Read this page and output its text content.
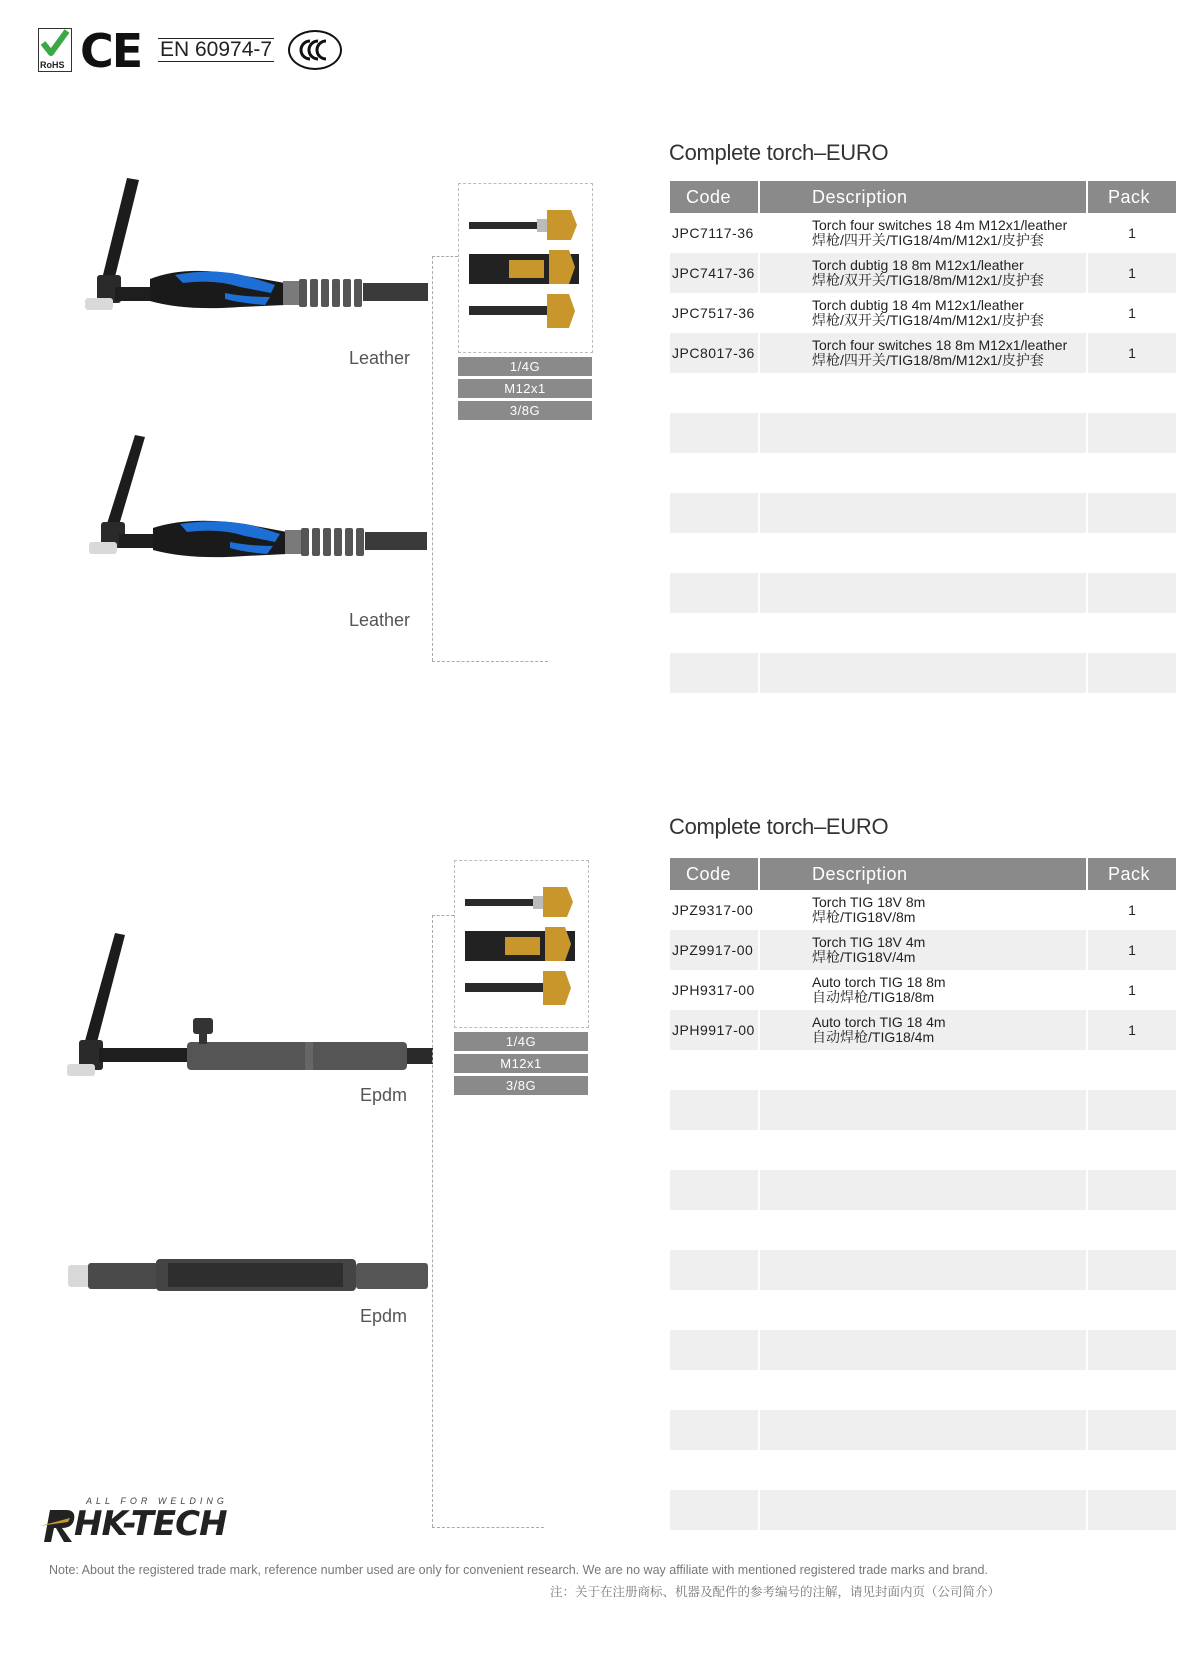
RoHS CE EN 60974-7
Complete torch–EURO
Code	Description	Pack
JPC7117-36	Torch four switches 18 4m M12x1/leather
焊枪/四开关/TIG18/4m/M12x1/皮护套	1
JPC7417-36	Torch dubtig 18 8m M12x1/leather
焊枪/双开关/TIG18/8m/M12x1/皮护套	1
JPC7517-36	Torch dubtig 18 4m M12x1/leather
焊枪/双开关/TIG18/4m/M12x1/皮护套	1
JPC8017-36	Torch four switches 18 8m M12x1/leather
焊枪/四开关/TIG18/8m/M12x1/皮护套	1

Leather
Leather
1/4G
M12x1
3/8G
Complete torch–EURO
Code	Description	Pack
JPZ9317-00	Torch TIG 18V 8m
焊枪/TIG18V/8m	1
JPZ9917-00	Torch TIG 18V 4m
焊枪/TIG18V/4m	1
JPH9317-00	Auto torch TIG 18 8m
自动焊枪/TIG18/8m	1
JPH9917-00	Auto torch TIG 18 4m
自动焊枪/TIG18/4m	1

Epdm
Epdm
1/4G
M12x1
3/8G
ALL FOR WELDING
HK-TECH
Note: About the registered trade mark, reference number used are only for convenient research. We are no way affiliate with mentioned registered trade marks and brand.
注：关于在注册商标、机器及配件的参考编号的注解，请见封面内页（公司简介）
